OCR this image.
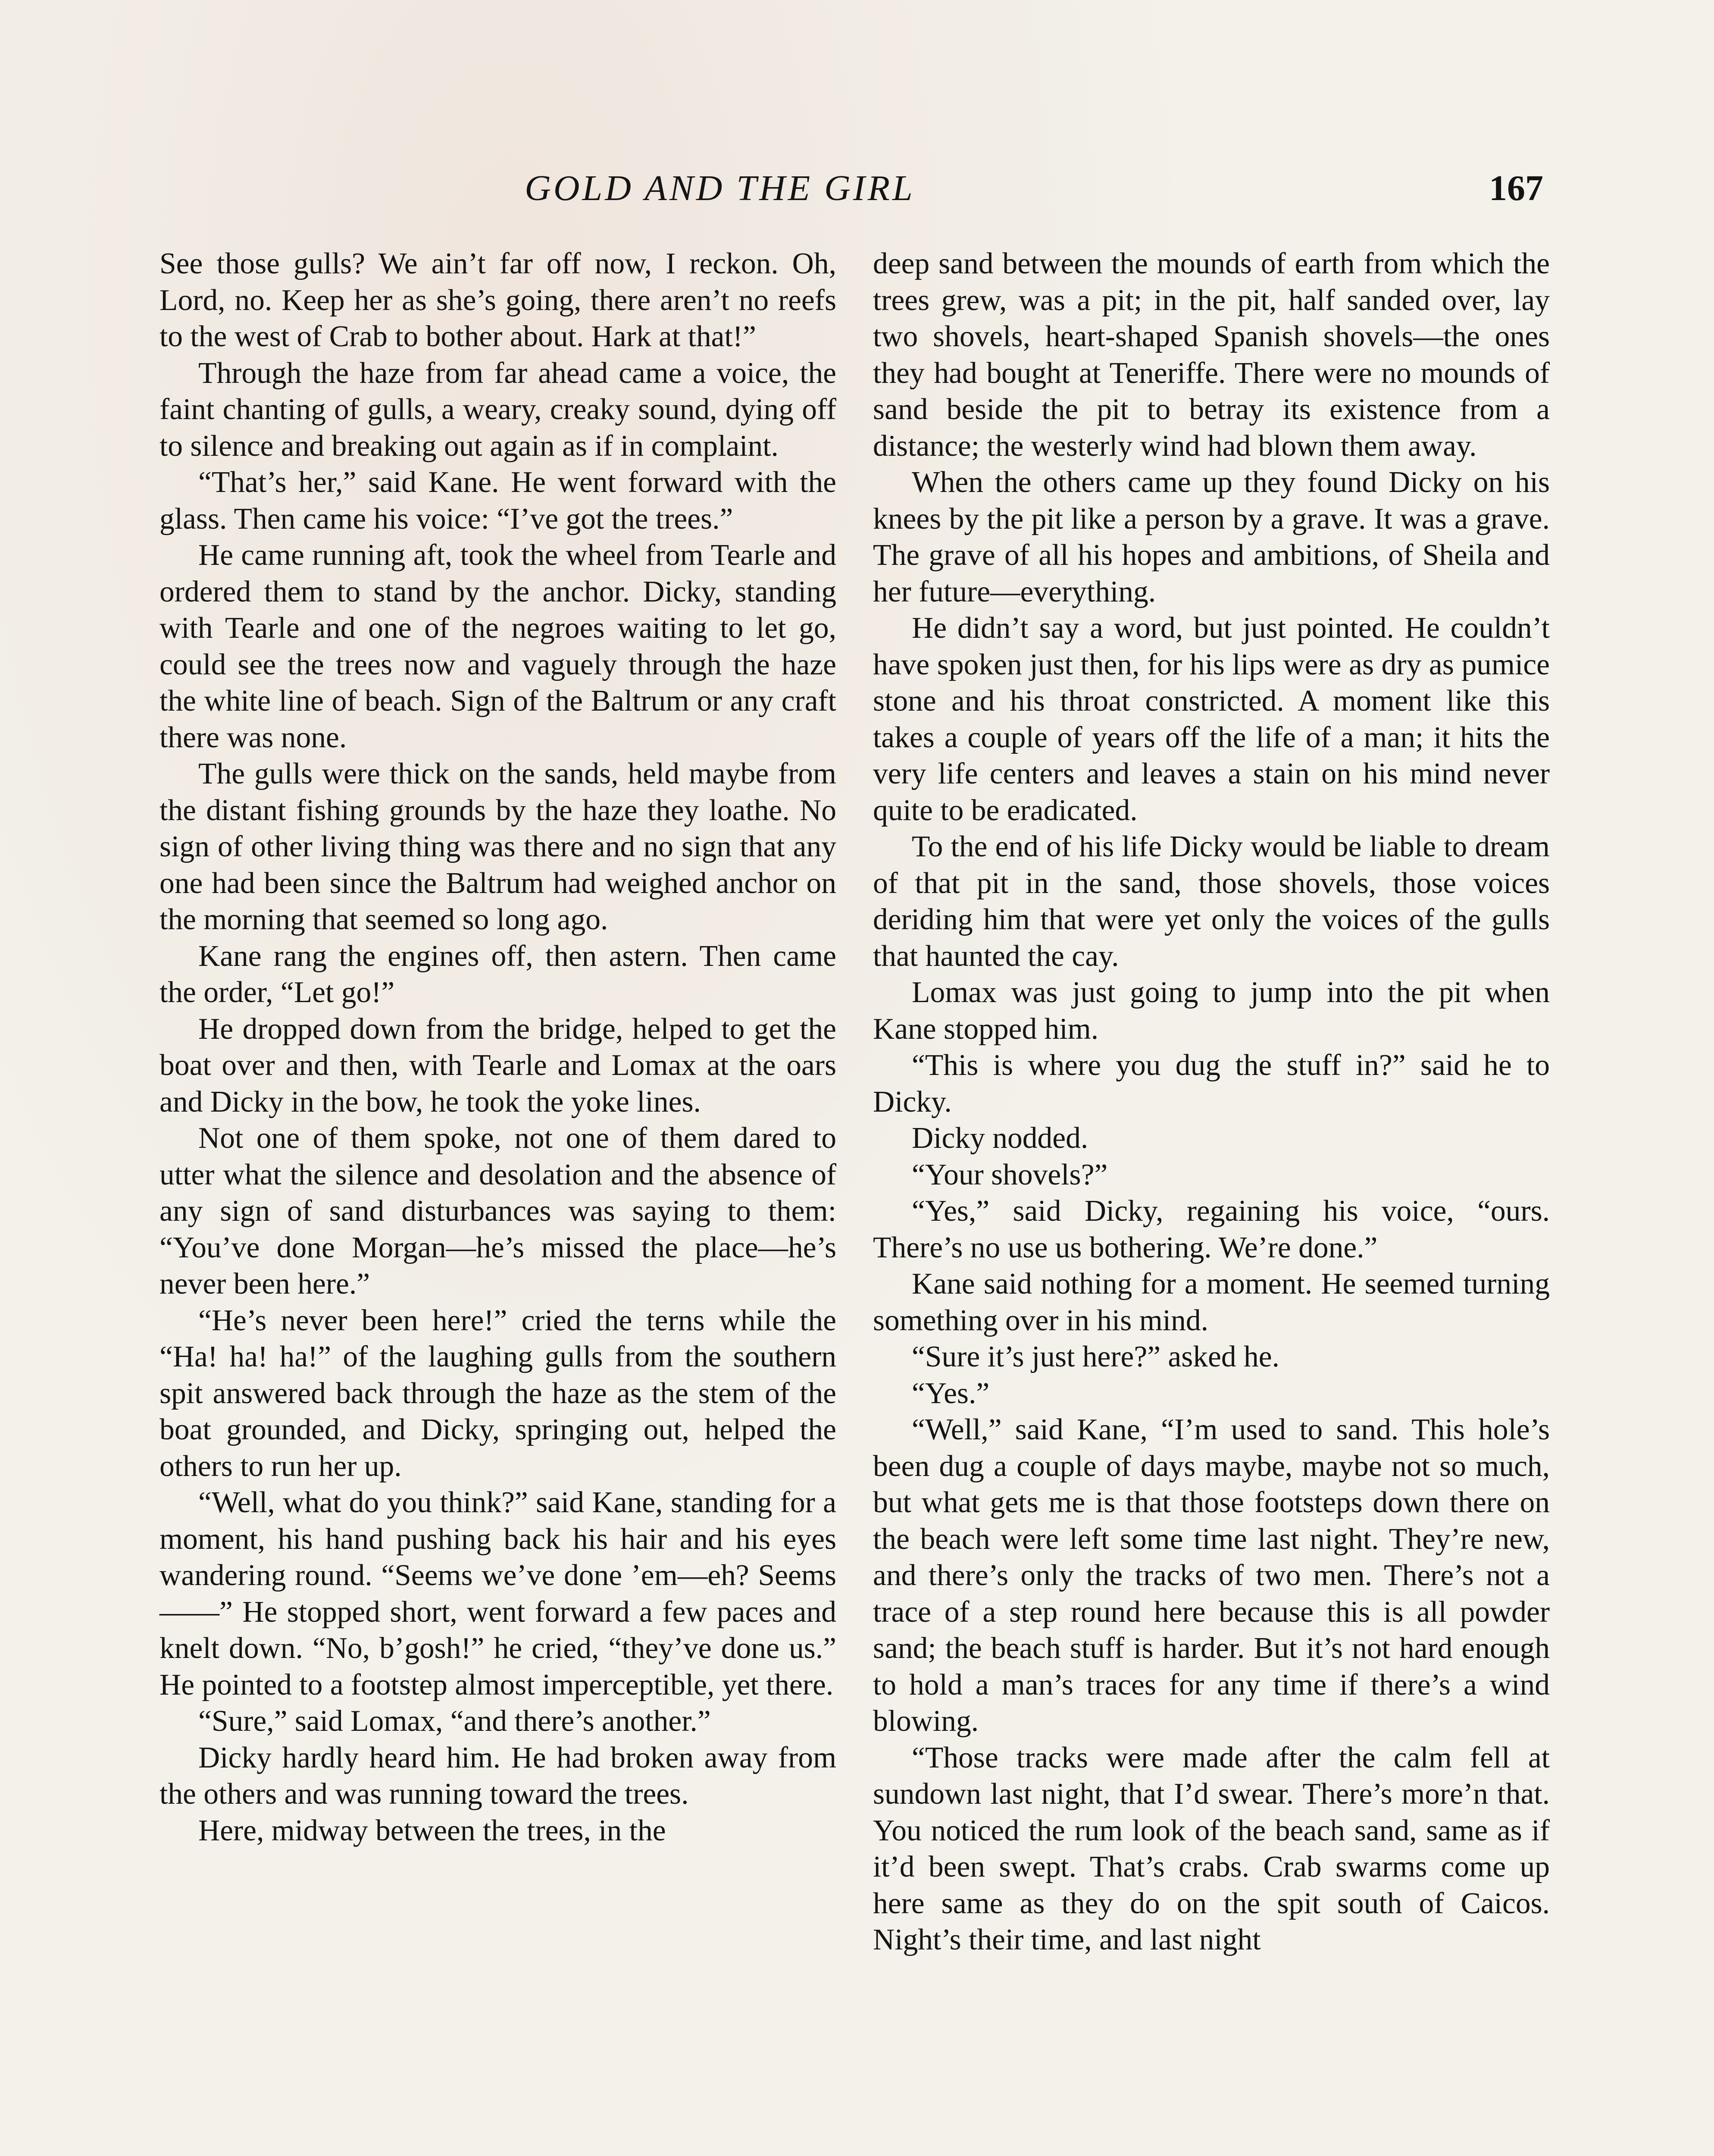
GOLD AND THE GIRL	167

See those gulls? We ain’t far off now, I reckon. Oh, Lord, no. Keep her as she’s going, there aren’t no reefs to the west of Crab to bother about. Hark at that!”

Through the haze from far ahead came a voice, the faint chanting of gulls, a weary, creaky sound, dying off to silence and breaking out again as if in complaint.

“That’s her,” said Kane. He went forward with the glass. Then came his voice: “I’ve got the trees.”

He came running aft, took the wheel from Tearle and ordered them to stand by the anchor. Dicky, standing with Tearle and one of the negroes waiting to let go, could see the trees now and vaguely through the haze the white line of beach. Sign of the Baltrum or any craft there was none.

The gulls were thick on the sands, held maybe from the distant fishing grounds by the haze they loathe. No sign of other living thing was there and no sign that any one had been since the Baltrum had weighed anchor on the morning that seemed so long ago.

Kane rang the engines off, then astern. Then came the order, “Let go!”

He dropped down from the bridge, helped to get the boat over and then, with Tearle and Lomax at the oars and Dicky in the bow, he took the yoke lines.

Not one of them spoke, not one of them dared to utter what the silence and desolation and the absence of any sign of sand disturbances was saying to them: “You’ve done Morgan—he’s missed the place—he’s never been here.”

“He’s never been here!” cried the terns while the “Ha! ha! ha!” of the laughing gulls from the southern spit answered back through the haze as the stem of the boat grounded, and Dicky, springing out, helped the others to run her up.

“Well, what do you think?” said Kane, standing for a moment, his hand pushing back his hair and his eyes wandering round. “Seems we’ve done ’em—eh? Seems——” He stopped short, went forward a few paces and knelt down. “No, b’gosh!” he cried, “they’ve done us.” He pointed to a footstep almost imperceptible, yet there.

“Sure,” said Lomax, “and there’s another.”

Dicky hardly heard him. He had broken away from the others and was running toward the trees.

Here, midway between the trees, in the

deep sand between the mounds of earth from which the trees grew, was a pit; in the pit, half sanded over, lay two shovels, heart-shaped Spanish shovels—the ones they had bought at Teneriffe. There were no mounds of sand beside the pit to betray its existence from a distance; the westerly wind had blown them away.

When the others came up they found Dicky on his knees by the pit like a person by a grave. It was a grave. The grave of all his hopes and ambitions, of Sheila and her future—everything.

He didn’t say a word, but just pointed. He couldn’t have spoken just then, for his lips were as dry as pumice stone and his throat constricted. A moment like this takes a couple of years off the life of a man; it hits the very life centers and leaves a stain on his mind never quite to be eradicated.

To the end of his life Dicky would be liable to dream of that pit in the sand, those shovels, those voices deriding him that were yet only the voices of the gulls that haunted the cay.

Lomax was just going to jump into the pit when Kane stopped him.

“This is where you dug the stuff in?” said he to Dicky.

Dicky nodded.

“Your shovels?”

“Yes,” said Dicky, regaining his voice, “ours. There’s no use us bothering. We’re done.”

Kane said nothing for a moment. He seemed turning something over in his mind.

“Sure it’s just here?” asked he.

“Yes.”

“Well,” said Kane, “I’m used to sand. This hole’s been dug a couple of days maybe, maybe not so much, but what gets me is that those footsteps down there on the beach were left some time last night. They’re new, and there’s only the tracks of two men. There’s not a trace of a step round here because this is all powder sand; the beach stuff is harder. But it’s not hard enough to hold a man’s traces for any time if there’s a wind blowing.

“Those tracks were made after the calm fell at sundown last night, that I’d swear. There’s more’n that. You noticed the rum look of the beach sand, same as if it’d been swept. That’s crabs. Crab swarms come up here same as they do on the spit south of Caicos. Night’s their time, and last night
